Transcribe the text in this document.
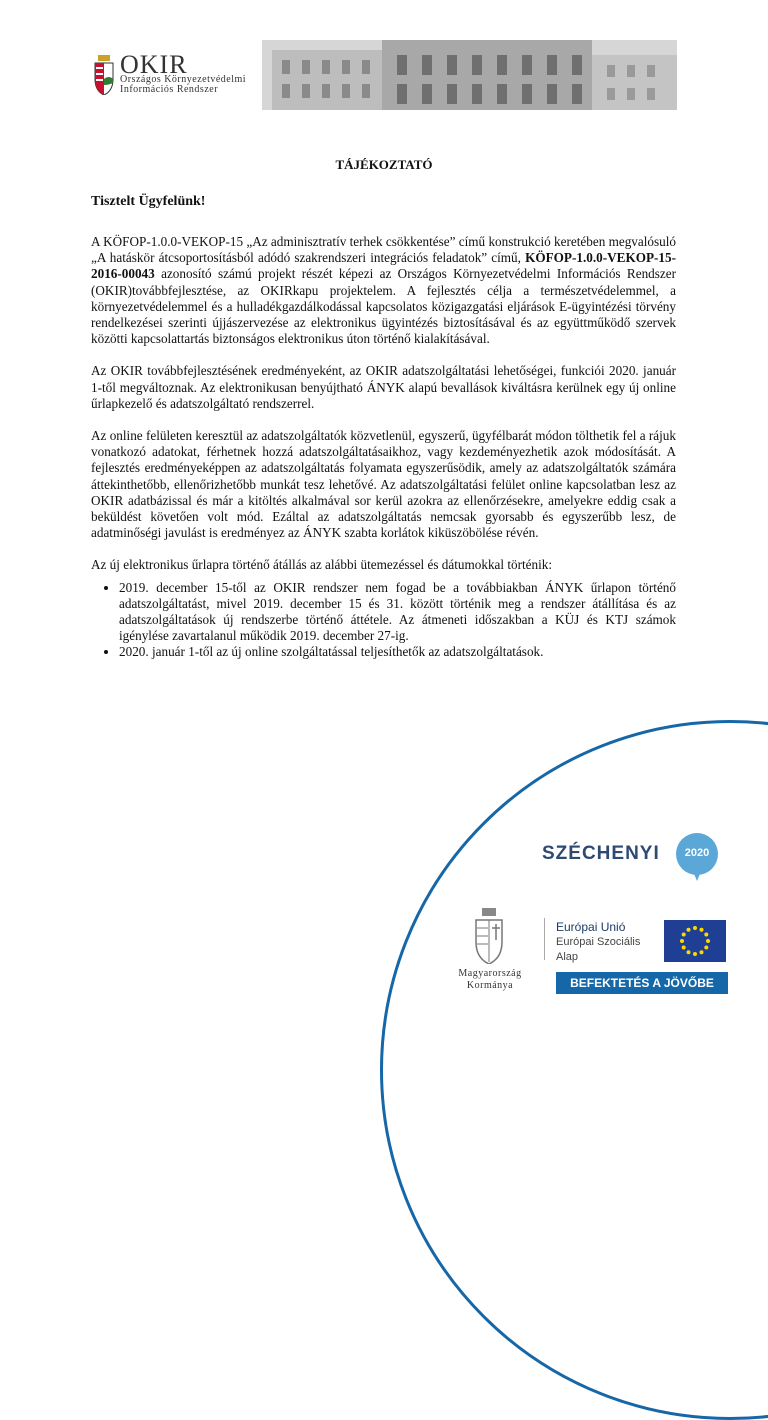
OKIR
Országos Környezetvédelmi
Információs Rendszer
TÁJÉKOZTATÓ
Tisztelt Ügyfelünk!

A KÖFOP-1.0.0-VEKOP-15 „Az adminisztratív terhek csökkentése” című konstrukció keretében megvalósuló „A hatáskör átcsoportosításból adódó szakrendszeri integrációs feladatok” című, KÖFOP-1.0.0-VEKOP-15-2016-00043 azonosító számú projekt részét képezi az Országos Környezetvédelmi Információs Rendszer (OKIR)továbbfejlesztése, az OKIRkapu projektelem. A fejlesztés célja a természetvédelemmel, a környezetvédelemmel és a hulladékgazdálkodással kapcsolatos közigazgatási eljárások E-ügyintézési törvény rendelkezései szerinti újjászervezése az elektronikus ügyintézés biztosításával és az együttműködő szervek közötti kapcsolattartás biztonságos elektronikus úton történő kialakításával.

Az OKIR továbbfejlesztésének eredményeként, az OKIR adatszolgáltatási lehetőségei, funkciói 2020. január 1-től megváltoznak. Az elektronikusan benyújtható ÁNYK alapú bevallások kiváltásra kerülnek egy új online űrlapkezelő és adatszolgáltató rendszerrel.

Az online felületen keresztül az adatszolgáltatók közvetlenül, egyszerű, ügyfélbarát módon tölthetik fel a rájuk vonatkozó adatokat, férhetnek hozzá adatszolgáltatásaikhoz, vagy kezdeményezhetik azok módosítását. A fejlesztés eredményeképpen az adatszolgáltatás folyamata egyszerűsödik, amely az adatszolgáltatók számára áttekinthetőbb, ellenőrizhetőbb munkát tesz lehetővé. Az adatszolgáltatási felület online kapcsolatban lesz az OKIR adatbázissal és már a kitöltés alkalmával sor kerül azokra az ellenőrzésekre, amelyekre eddig csak a beküldést követően volt mód. Ezáltal az adatszolgáltatás nemcsak gyorsabb és egyszerűbb lesz, de adatminőségi javulást is eredményez az ÁNYK szabta korlátok kiküszöbölése révén.

Az új elektronikus űrlapra történő átállás az alábbi ütemezéssel és dátumokkal történik:

• 2019. december 15-től az OKIR rendszer nem fogad be a továbbiakban ÁNYK űrlapon történő adatszolgáltatást, mivel 2019. december 15 és 31. között történik meg a rendszer átállítása és az adatszolgáltatások új rendszerbe történő áttétele. Az átmeneti időszakban a KÜJ és KTJ számok igénylése zavartalanul működik 2019. december 27-ig.
• 2020. január 1-től az új online szolgáltatással teljesíthetők az adatszolgáltatások.
SZÉCHENYI	2020
Magyarország
Kormánya
Európai Unió
Európai Szociális
Alap
BEFEKTETÉS A JÖVŐBE
